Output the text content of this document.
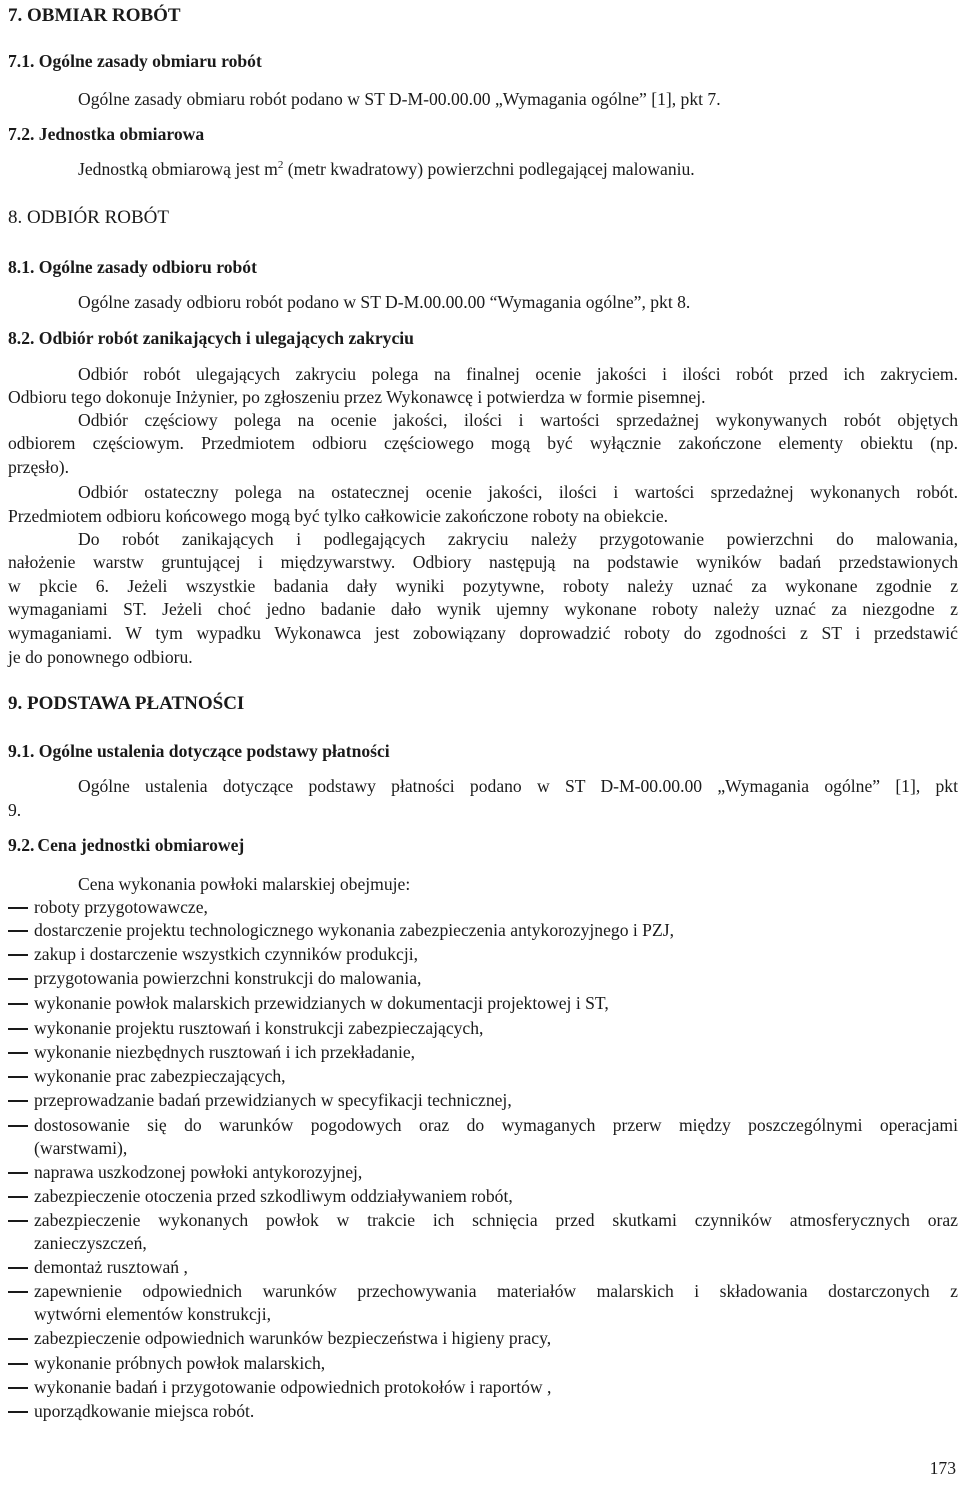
7. OBMIAR ROBÓT
7.1. Ogólne zasady obmiaru robót
Ogólne zasady obmiaru robót podano w ST D-M-00.00.00 „Wymagania ogólne” [1], pkt 7.
7.2. Jednostka obmiarowa
Jednostką obmiarową jest $m^2$ (metr kwadratowy) powierzchni podlegającej malowaniu.
8. ODBIÓR ROBÓT
8.1. Ogólne zasady odbioru robót
Ogólne zasady odbioru robót podano w ST D-M.00.00.00 “Wymagania ogólne”, pkt 8.
8.2. Odbiór robót zanikających i ulegających zakryciu
Odbiór robót ulegających zakryciu polega na finalnej ocenie jakości i ilości robót przed ich zakryciem.
Odbioru tego dokonuje Inżynier, po zgłoszeniu przez Wykonawcę i potwierdza w formie pisemnej.
Odbiór częściowy polega na ocenie jakości, ilości i wartości sprzedażnej wykonywanych robót objętych
odbiorem częściowym. Przedmiotem odbioru częściowego mogą być wyłącznie zakończone elementy obiektu (np.
przęsło).
Odbiór ostateczny polega na ostatecznej ocenie jakości, ilości i wartości sprzedażnej wykonanych robót.
Przedmiotem odbioru końcowego mogą być tylko całkowicie zakończone roboty na obiekcie.
Do robót zanikających i podlegających zakryciu należy przygotowanie powierzchni do malowania,
nałożenie warstw gruntującej i międzywarstwy. Odbiory następują na podstawie wyników badań przedstawionych
w pkcie 6. Jeżeli wszystkie badania dały wyniki pozytywne, roboty należy uznać za wykonane zgodnie z
wymaganiami ST. Jeżeli choć jedno badanie dało wynik ujemny wykonane roboty należy uznać za niezgodne z
wymaganiami. W tym wypadku Wykonawca jest zobowiązany doprowadzić roboty do zgodności z ST i przedstawić
je do ponownego odbioru.
9. PODSTAWA PŁATNOŚCI
9.1. Ogólne ustalenia dotyczące podstawy płatności
Ogólne ustalenia dotyczące podstawy płatności podano w ST D-M-00.00.00 „Wymagania ogólne” [1], pkt
9.
9.2. Cena jednostki obmiarowej
Cena wykonania powłoki malarskiej obejmuje:
roboty przygotowawcze,
dostarczenie projektu technologicznego wykonania zabezpieczenia antykorozyjnego i PZJ,
zakup i dostarczenie wszystkich czynników produkcji,
przygotowania powierzchni konstrukcji do malowania,
wykonanie powłok malarskich przewidzianych w dokumentacji projektowej i ST,
wykonanie projektu rusztowań i konstrukcji zabezpieczających,
wykonanie niezbędnych rusztowań i ich przekładanie,
wykonanie prac zabezpieczających,
przeprowadzanie badań przewidzianych w specyfikacji technicznej,
dostosowanie się do warunków pogodowych oraz do wymaganych przerw między poszczególnymi operacjami
(warstwami),
naprawa uszkodzonej powłoki antykorozyjnej,
zabezpieczenie otoczenia przed szkodliwym oddziaływaniem robót,
zabezpieczenie wykonanych powłok w trakcie ich schnięcia przed skutkami czynników atmosferycznych oraz
zanieczyszczeń,
demontaż rusztowań ,
zapewnienie odpowiednich warunków przechowywania materiałów malarskich i składowania dostarczonych z
wytwórni elementów konstrukcji,
zabezpieczenie odpowiednich warunków bezpieczeństwa i higieny pracy,
wykonanie próbnych powłok malarskich,
wykonanie badań i przygotowanie odpowiednich protokołów i raportów ,
uporządkowanie miejsca robót.
173
